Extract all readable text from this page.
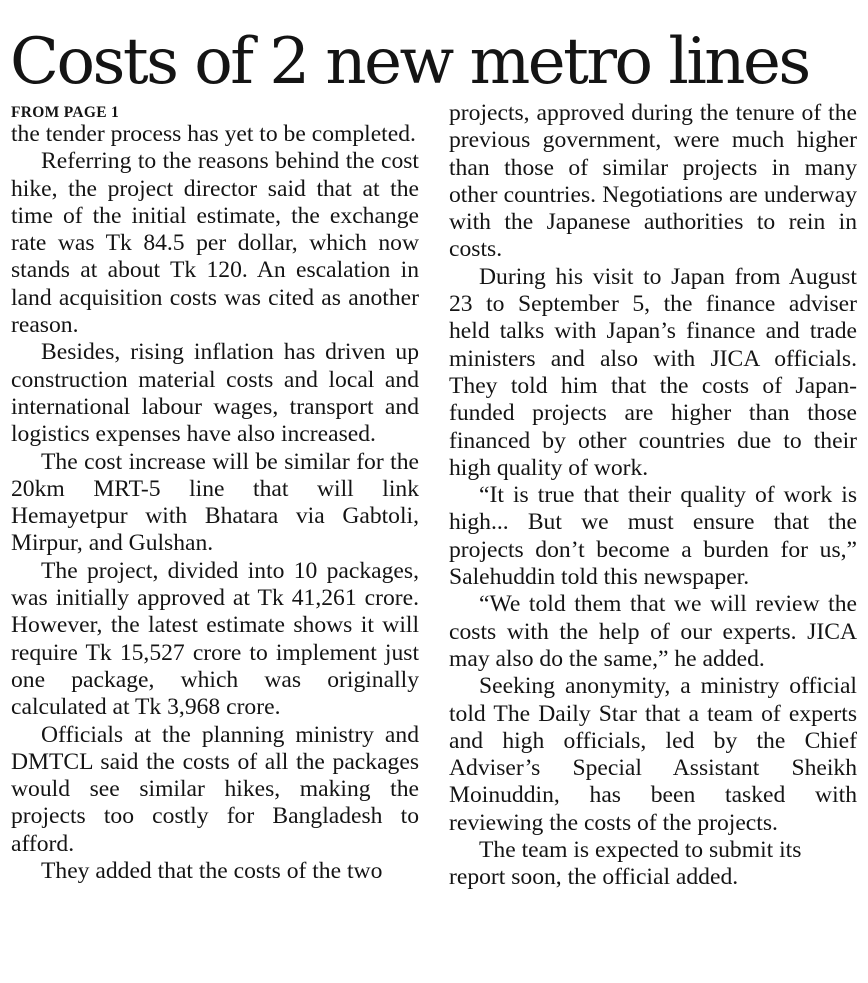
Costs of 2 new metro lines
FROM PAGE 1

the tender process has yet to be completed.

Referring to the reasons behind the cost hike, the project director said that at the time of the initial estimate, the exchange rate was Tk 84.5 per dollar, which now stands at about Tk 120. An escalation in land acquisition costs was cited as another reason.

Besides, rising inflation has driven up construction material costs and local and international labour wages, transport and logistics expenses have also increased.

The cost increase will be similar for the 20km MRT-5 line that will link Hemayetpur with Bhatara via Gabtoli, Mirpur, and Gulshan.

The project, divided into 10 packages, was initially approved at Tk 41,261 crore. However, the latest estimate shows it will require Tk 15,527 crore to implement just one package, which was originally calculated at Tk 3,968 crore.

Officials at the planning ministry and DMTCL said the costs of all the packages would see similar hikes, making the projects too costly for Bangladesh to afford.

They added that the costs of the two

projects, approved during the tenure of the previous government, were much higher than those of similar projects in many other countries. Negotiations are underway with the Japanese authorities to rein in costs.

During his visit to Japan from August 23 to September 5, the finance adviser held talks with Japan’s finance and trade ministers and also with JICA officials. They told him that the costs of Japan-funded projects are higher than those financed by other countries due to their high quality of work.

“It is true that their quality of work is high... But we must ensure that the projects don’t become a burden for us,” Salehuddin told this newspaper.

“We told them that we will review the costs with the help of our experts. JICA may also do the same,” he added.

Seeking anonymity, a ministry official told The Daily Star that a team of experts and high officials, led by the Chief Adviser’s Special Assistant Sheikh Moinuddin, has been tasked with reviewing the costs of the projects.

The team is expected to submit its report soon, the official added.
